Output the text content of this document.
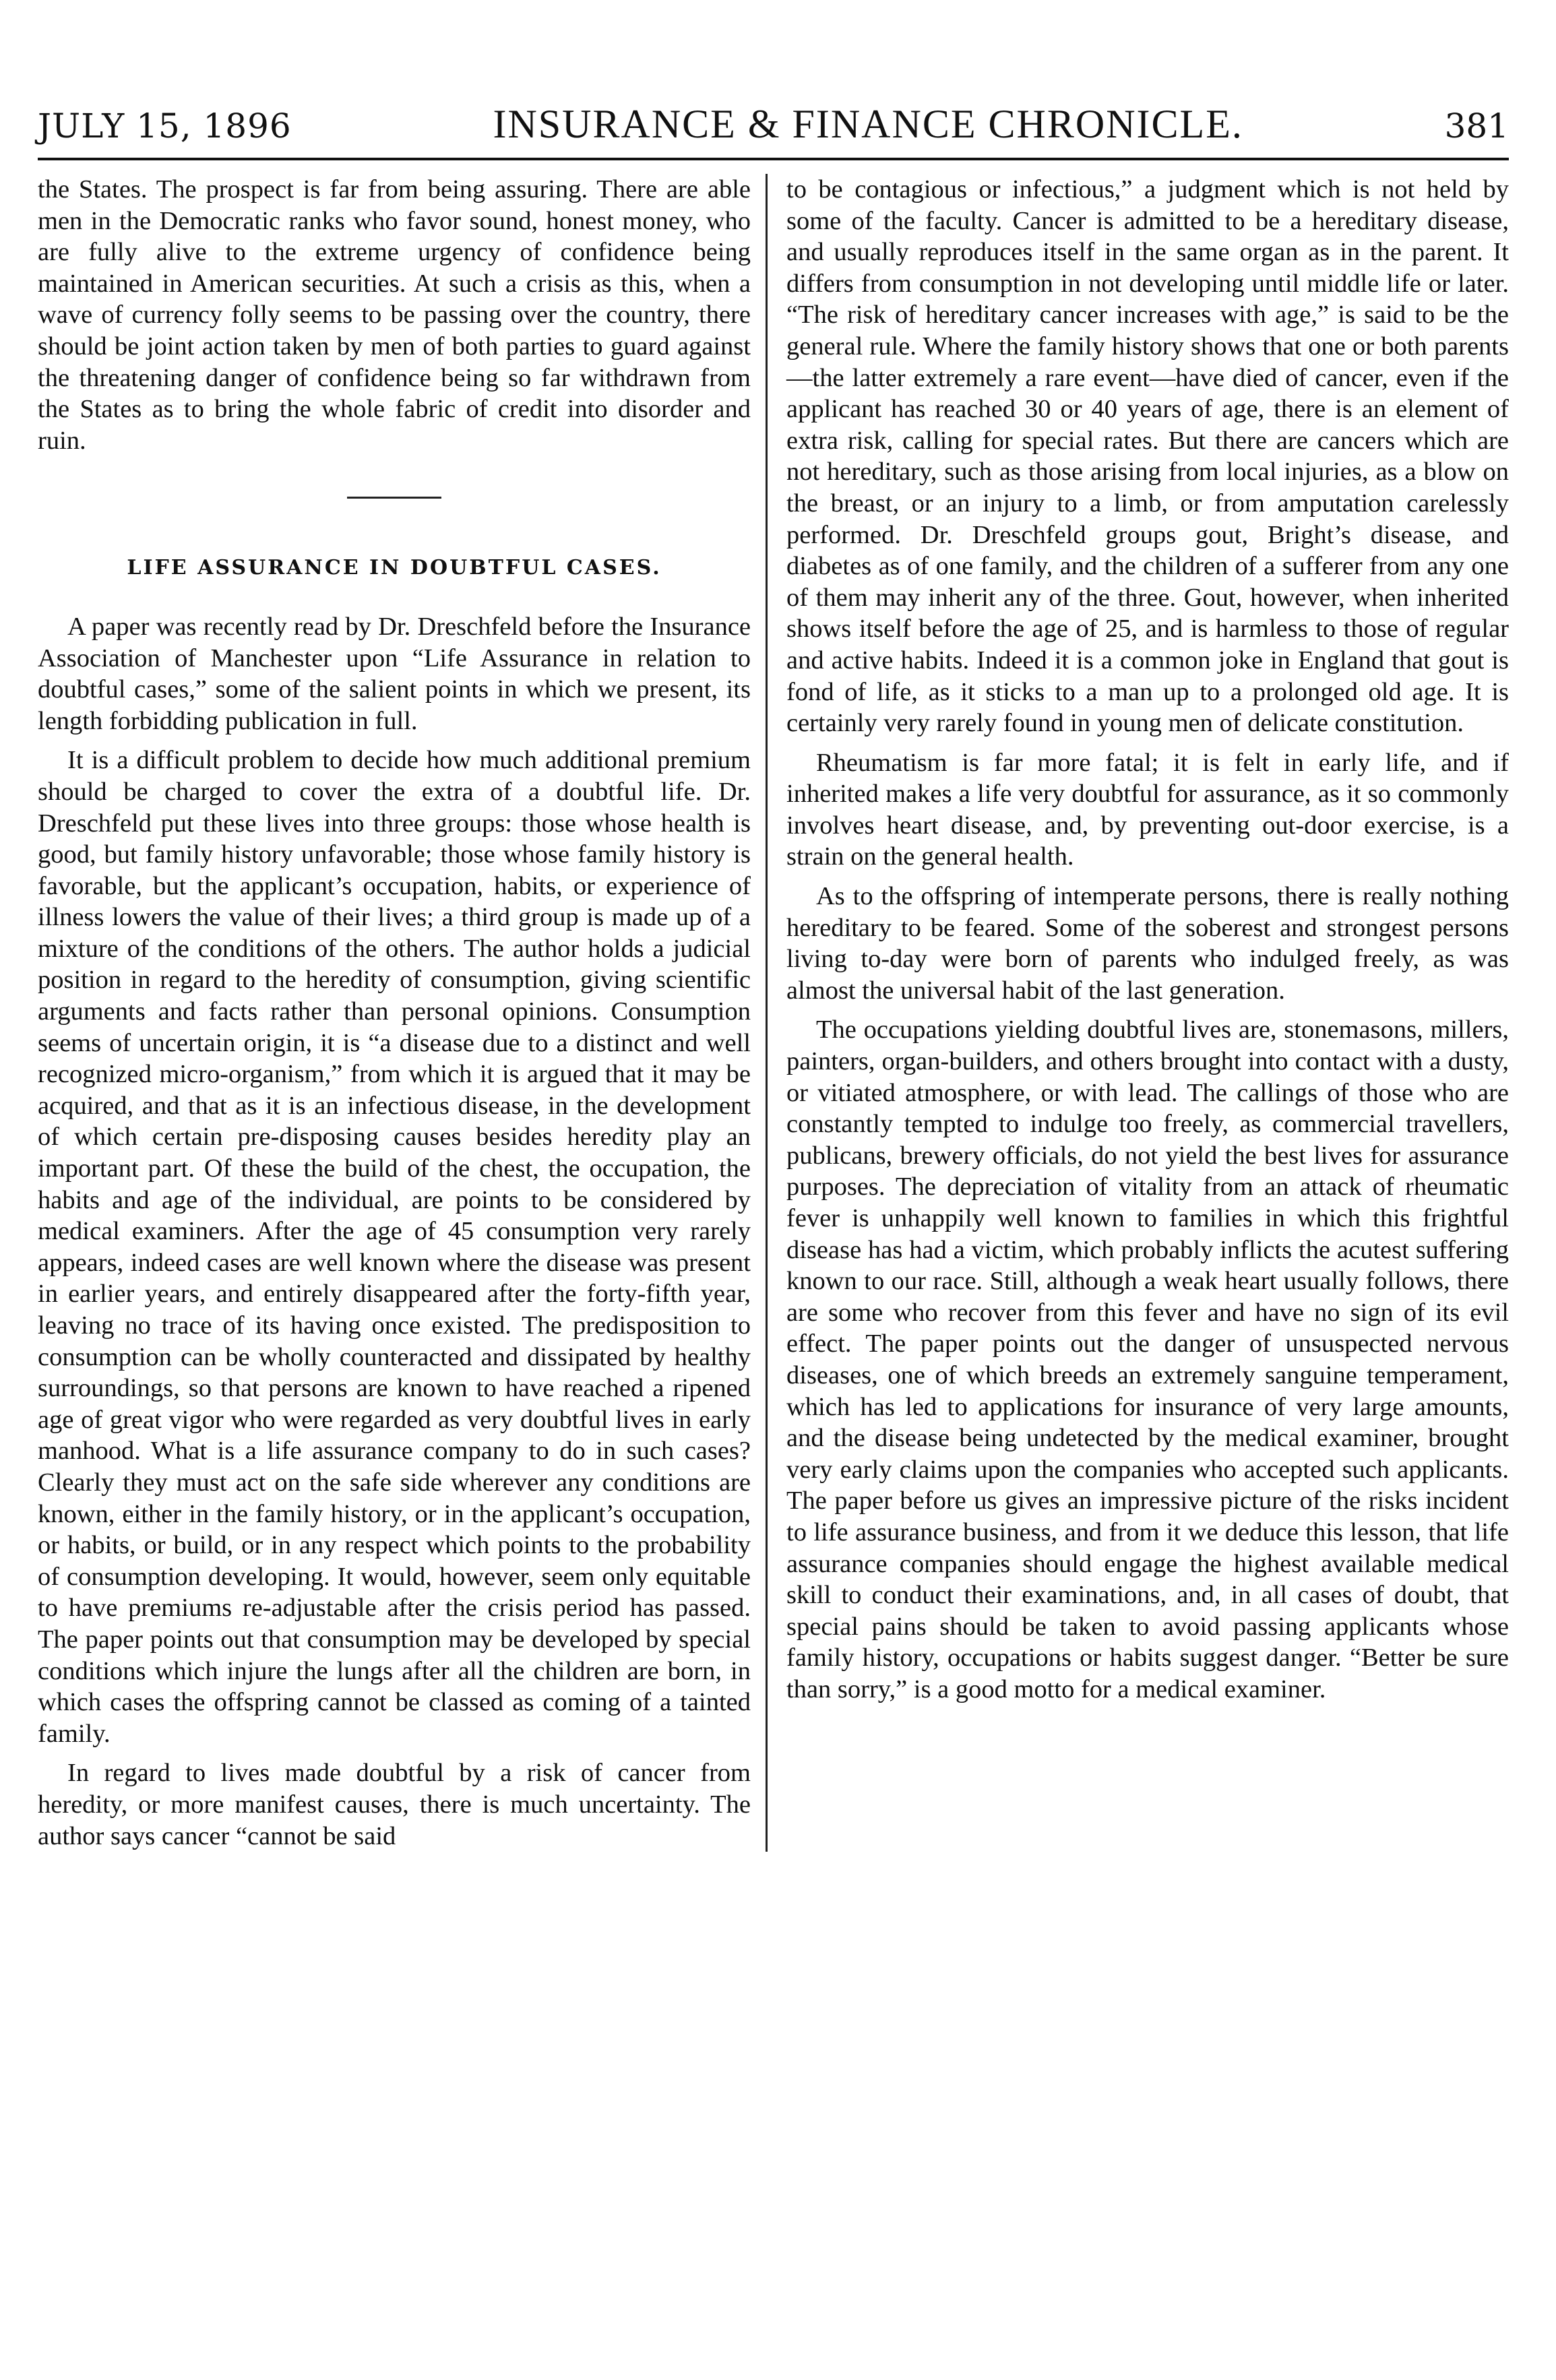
JULY 15, 1896	INSURANCE & FINANCE CHRONICLE.	381

the States. The prospect is far from being assuring. There are able men in the Democratic ranks who favor sound, honest money, who are fully alive to the extreme urgency of confidence being maintained in American securities. At such a crisis as this, when a wave of currency folly seems to be passing over the country, there should be joint action taken by men of both parties to guard against the threatening danger of confidence being so far withdrawn from the States as to bring the whole fabric of credit into disorder and ruin.

LIFE ASSURANCE IN DOUBTFUL CASES.

A paper was recently read by Dr. Dreschfeld before the Insurance Association of Manchester upon “Life Assurance in relation to doubtful cases,” some of the salient points in which we present, its length forbidding publication in full.

It is a difficult problem to decide how much additional premium should be charged to cover the extra of a doubtful life. Dr. Dreschfeld put these lives into three groups: those whose health is good, but family history unfavorable; those whose family history is favorable, but the applicant’s occupation, habits, or experience of illness lowers the value of their lives; a third group is made up of a mixture of the conditions of the others. The author holds a judicial position in regard to the heredity of consumption, giving scientific arguments and facts rather than personal opinions. Consumption seems of uncertain origin, it is “a disease due to a distinct and well recognized micro-organism,” from which it is argued that it may be acquired, and that as it is an infectious disease, in the development of which certain pre-disposing causes besides heredity play an important part. Of these the build of the chest, the occupation, the habits and age of the individual, are points to be considered by medical examiners. After the age of 45 consumption very rarely appears, indeed cases are well known where the disease was present in earlier years, and entirely disappeared after the forty-fifth year, leaving no trace of its having once existed. The predisposition to consumption can be wholly counteracted and dissipated by healthy surroundings, so that persons are known to have reached a ripened age of great vigor who were regarded as very doubtful lives in early manhood. What is a life assurance company to do in such cases? Clearly they must act on the safe side wherever any conditions are known, either in the family history, or in the applicant’s occupation, or habits, or build, or in any respect which points to the probability of consumption developing. It would, however, seem only equitable to have premiums re-adjustable after the crisis period has passed. The paper points out that consumption may be developed by special conditions which injure the lungs after all the children are born, in which cases the offspring cannot be classed as coming of a tainted family.

In regard to lives made doubtful by a risk of cancer from heredity, or more manifest causes, there is much uncertainty. The author says cancer “cannot be said

to be contagious or infectious,” a judgment which is not held by some of the faculty. Cancer is admitted to be a hereditary disease, and usually reproduces itself in the same organ as in the parent. It differs from consumption in not developing until middle life or later. “The risk of hereditary cancer increases with age,” is said to be the general rule. Where the family history shows that one or both parents—the latter extremely a rare event—have died of cancer, even if the applicant has reached 30 or 40 years of age, there is an element of extra risk, calling for special rates. But there are cancers which are not hereditary, such as those arising from local injuries, as a blow on the breast, or an injury to a limb, or from amputation carelessly performed. Dr. Dreschfeld groups gout, Bright’s disease, and diabetes as of one family, and the children of a sufferer from any one of them may inherit any of the three. Gout, however, when inherited shows itself before the age of 25, and is harmless to those of regular and active habits. Indeed it is a common joke in England that gout is fond of life, as it sticks to a man up to a prolonged old age. It is certainly very rarely found in young men of delicate constitution.

Rheumatism is far more fatal; it is felt in early life, and if inherited makes a life very doubtful for assurance, as it so commonly involves heart disease, and, by preventing out-door exercise, is a strain on the general health.

As to the offspring of intemperate persons, there is really nothing hereditary to be feared. Some of the soberest and strongest persons living to-day were born of parents who indulged freely, as was almost the universal habit of the last generation.

The occupations yielding doubtful lives are, stonemasons, millers, painters, organ-builders, and others brought into contact with a dusty, or vitiated atmosphere, or with lead. The callings of those who are constantly tempted to indulge too freely, as commercial travellers, publicans, brewery officials, do not yield the best lives for assurance purposes. The depreciation of vitality from an attack of rheumatic fever is unhappily well known to families in which this frightful disease has had a victim, which probably inflicts the acutest suffering known to our race. Still, although a weak heart usually follows, there are some who recover from this fever and have no sign of its evil effect. The paper points out the danger of unsuspected nervous diseases, one of which breeds an extremely sanguine temperament, which has led to applications for insurance of very large amounts, and the disease being undetected by the medical examiner, brought very early claims upon the companies who accepted such applicants. The paper before us gives an impressive picture of the risks incident to life assurance business, and from it we deduce this lesson, that life assurance companies should engage the highest available medical skill to conduct their examinations, and, in all cases of doubt, that special pains should be taken to avoid passing applicants whose family history, occupations or habits suggest danger. “Better be sure than sorry,” is a good motto for a medical examiner.
